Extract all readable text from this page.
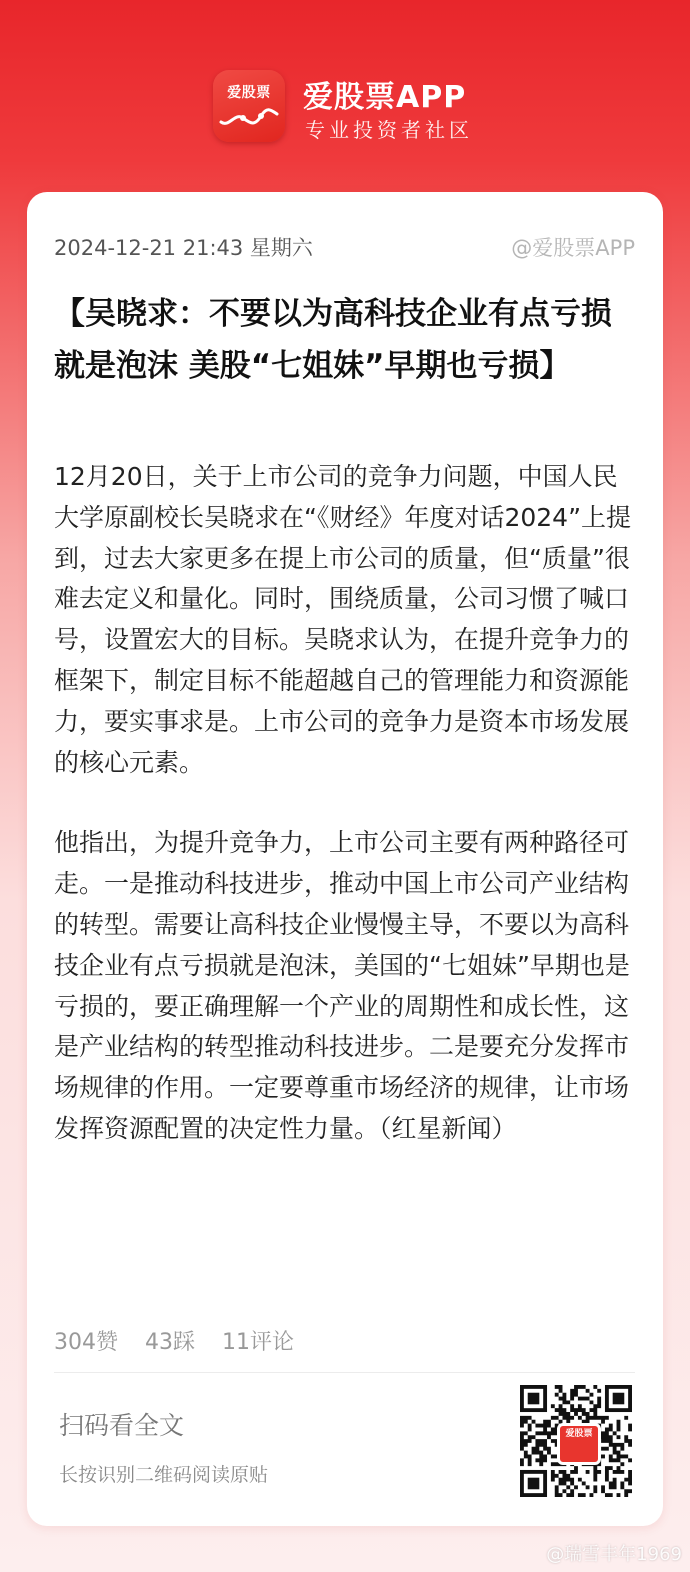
爱股票	爱股票APP
专业投资者社区
2024-12-21 21:43 星期六	@爱股票APP
【吴晓求：不要以为高科技企业有点亏损就是泡沫 美股“七姐妹”早期也亏损】

12月20日，关于上市公司的竞争力问题，中国人民大学原副校长吴晓求在“《财经》年度对话2024”上提到，过去大家更多在提上市公司的质量，但“质量”很难去定义和量化。同时，围绕质量，公司习惯了喊口号，设置宏大的目标。吴晓求认为，在提升竞争力的框架下，制定目标不能超越自己的管理能力和资源能力，要实事求是。上市公司的竞争力是资本市场发展的核心元素。

他指出，为提升竞争力，上市公司主要有两种路径可走。一是推动科技进步，推动中国上市公司产业结构的转型。需要让高科技企业慢慢主导，不要以为高科技企业有点亏损就是泡沫，美国的“七姐妹”早期也是亏损的，要正确理解一个产业的周期性和成长性，这是产业结构的转型推动科技进步。二是要充分发挥市场规律的作用。一定要尊重市场经济的规律，让市场发挥资源配置的决定性力量。（红星新闻）

304赞 43踩 11评论
扫码看全文
长按识别二维码阅读原贴
爱股票
@瑞雪丰年1969
